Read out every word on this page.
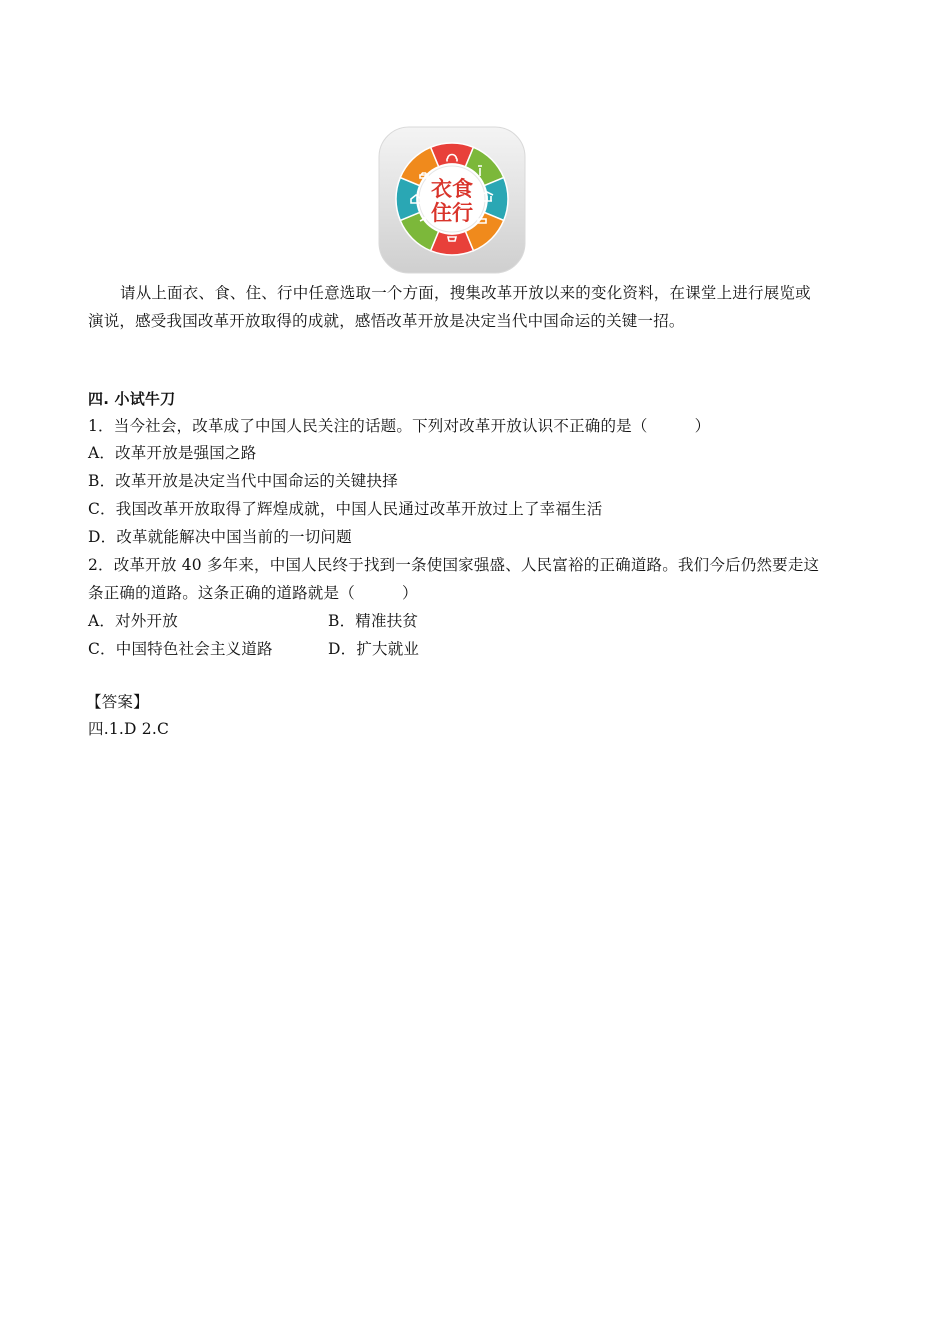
衣食
住行
请从上面衣、食、住、行中任意选取一个方面，搜集改革开放以来的变化资料，在课堂上进行展览或
演说，感受我国改革开放取得的成就，感悟改革开放是决定当代中国命运的关键一招。
四. 小试牛刀
1．当今社会，改革成了中国人民关注的话题。下列对改革开放认识不正确的是（　　　）
A．改革开放是强国之路
B．改革开放是决定当代中国命运的关键抉择
C．我国改革开放取得了辉煌成就，中国人民通过改革开放过上了幸福生活
D．改革就能解决中国当前的一切问题
2．改革开放 40 多年来，中国人民终于找到一条使国家强盛、人民富裕的正确道路。我们今后仍然要走这
条正确的道路。这条正确的道路就是（　　　）
A．对外开放	B．精准扶贫
C．中国特色社会主义道路	D．扩大就业
【答案】
四.1.D 2.C
